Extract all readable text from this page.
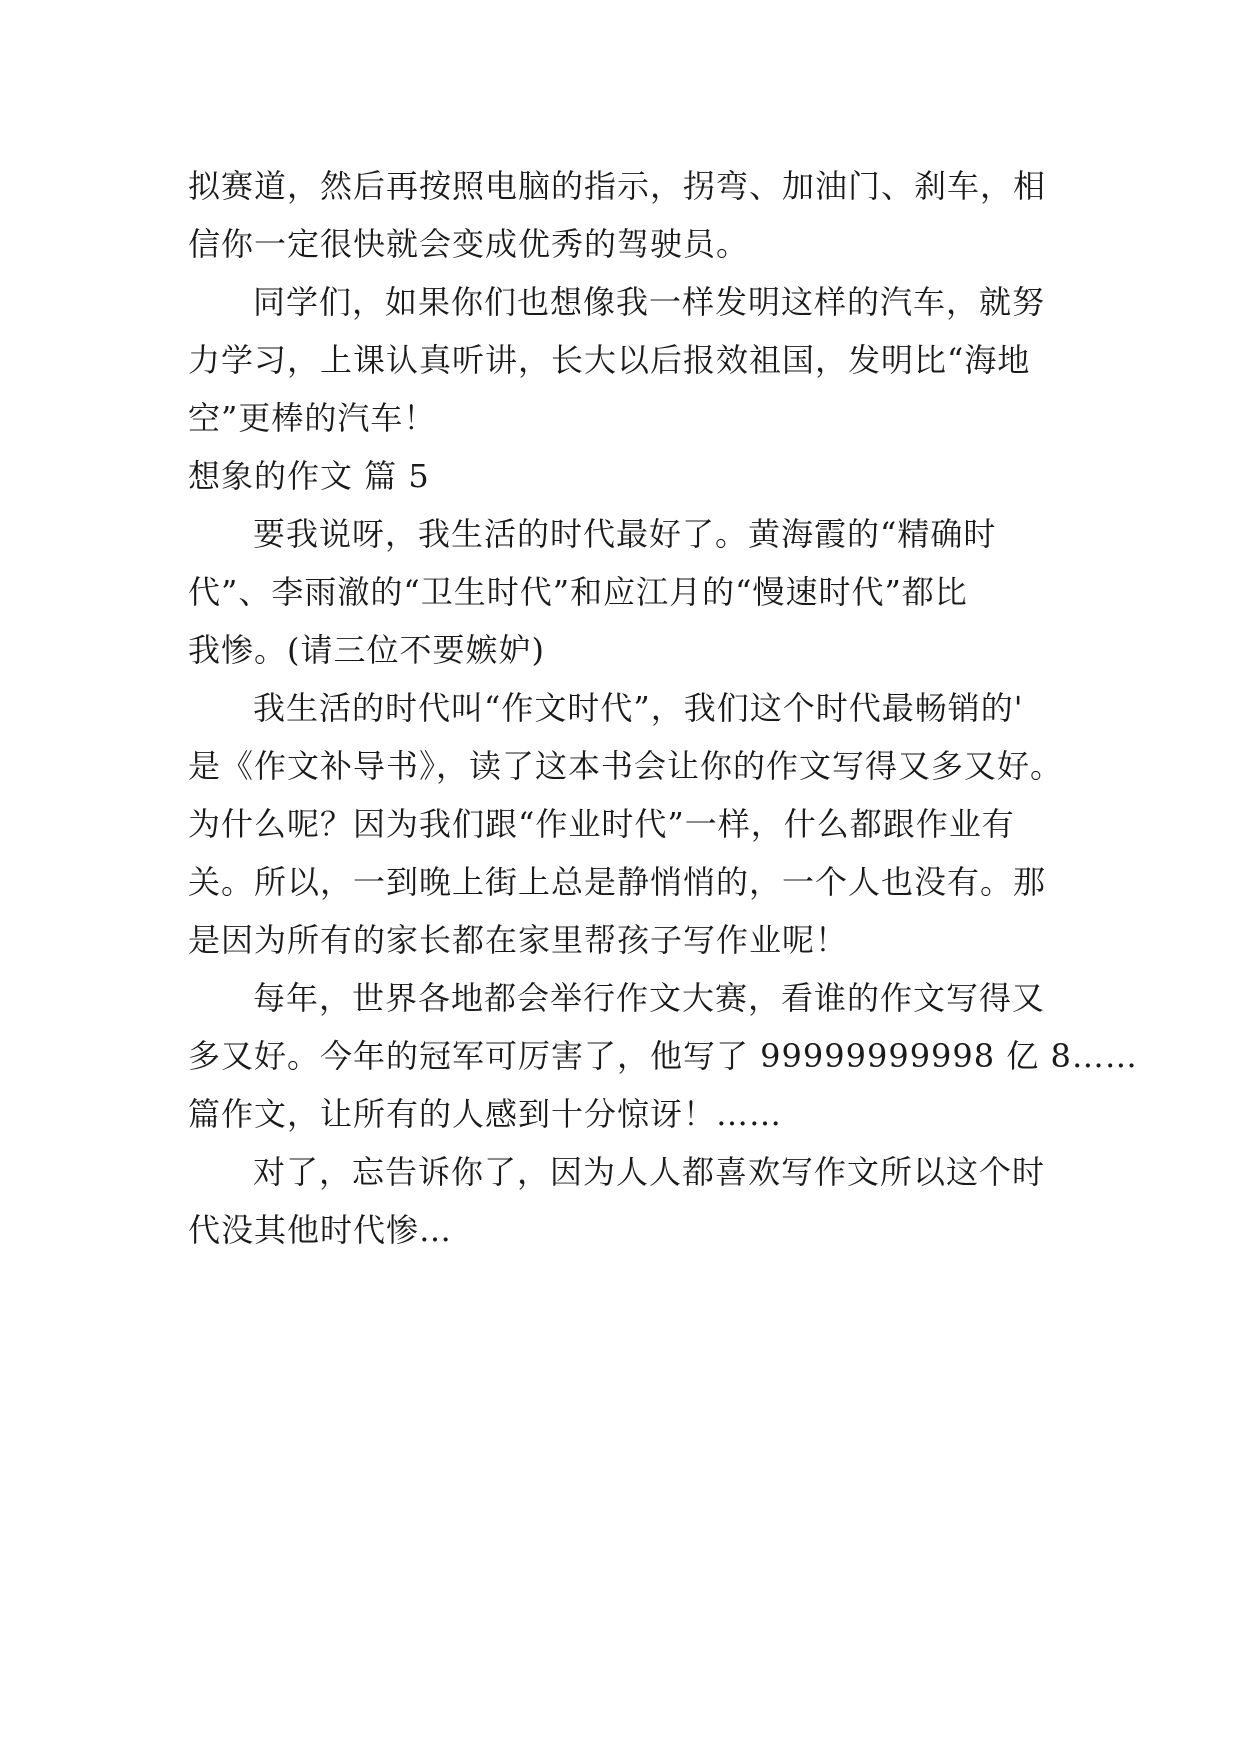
拟赛道，然后再按照电脑的指示，拐弯、加油门、刹车，相
信你一定很快就会变成优秀的驾驶员。
同学们，如果你们也想像我一样发明这样的汽车，就努
力学习，上课认真听讲，长大以后报效祖国，发明比“海地
空”更棒的汽车！
想象的作文 篇 5
要我说呀，我生活的时代最好了。黄海霞的“精确时
代”、李雨澈的“卫生时代”和应江月的“慢速时代”都比
我惨。(请三位不要嫉妒)
我生活的时代叫“作文时代”，我们这个时代最畅销的'
是《作文补导书》，读了这本书会让你的作文写得又多又好。
为什么呢？因为我们跟“作业时代”一样，什么都跟作业有
关。所以，一到晚上街上总是静悄悄的，一个人也没有。那
是因为所有的家长都在家里帮孩子写作业呢！
每年，世界各地都会举行作文大赛，看谁的作文写得又
多又好。今年的冠军可厉害了，他写了 99999999998 亿 8……
篇作文，让所有的人感到十分惊讶！……
对了，忘告诉你了，因为人人都喜欢写作文所以这个时
代没其他时代惨…
